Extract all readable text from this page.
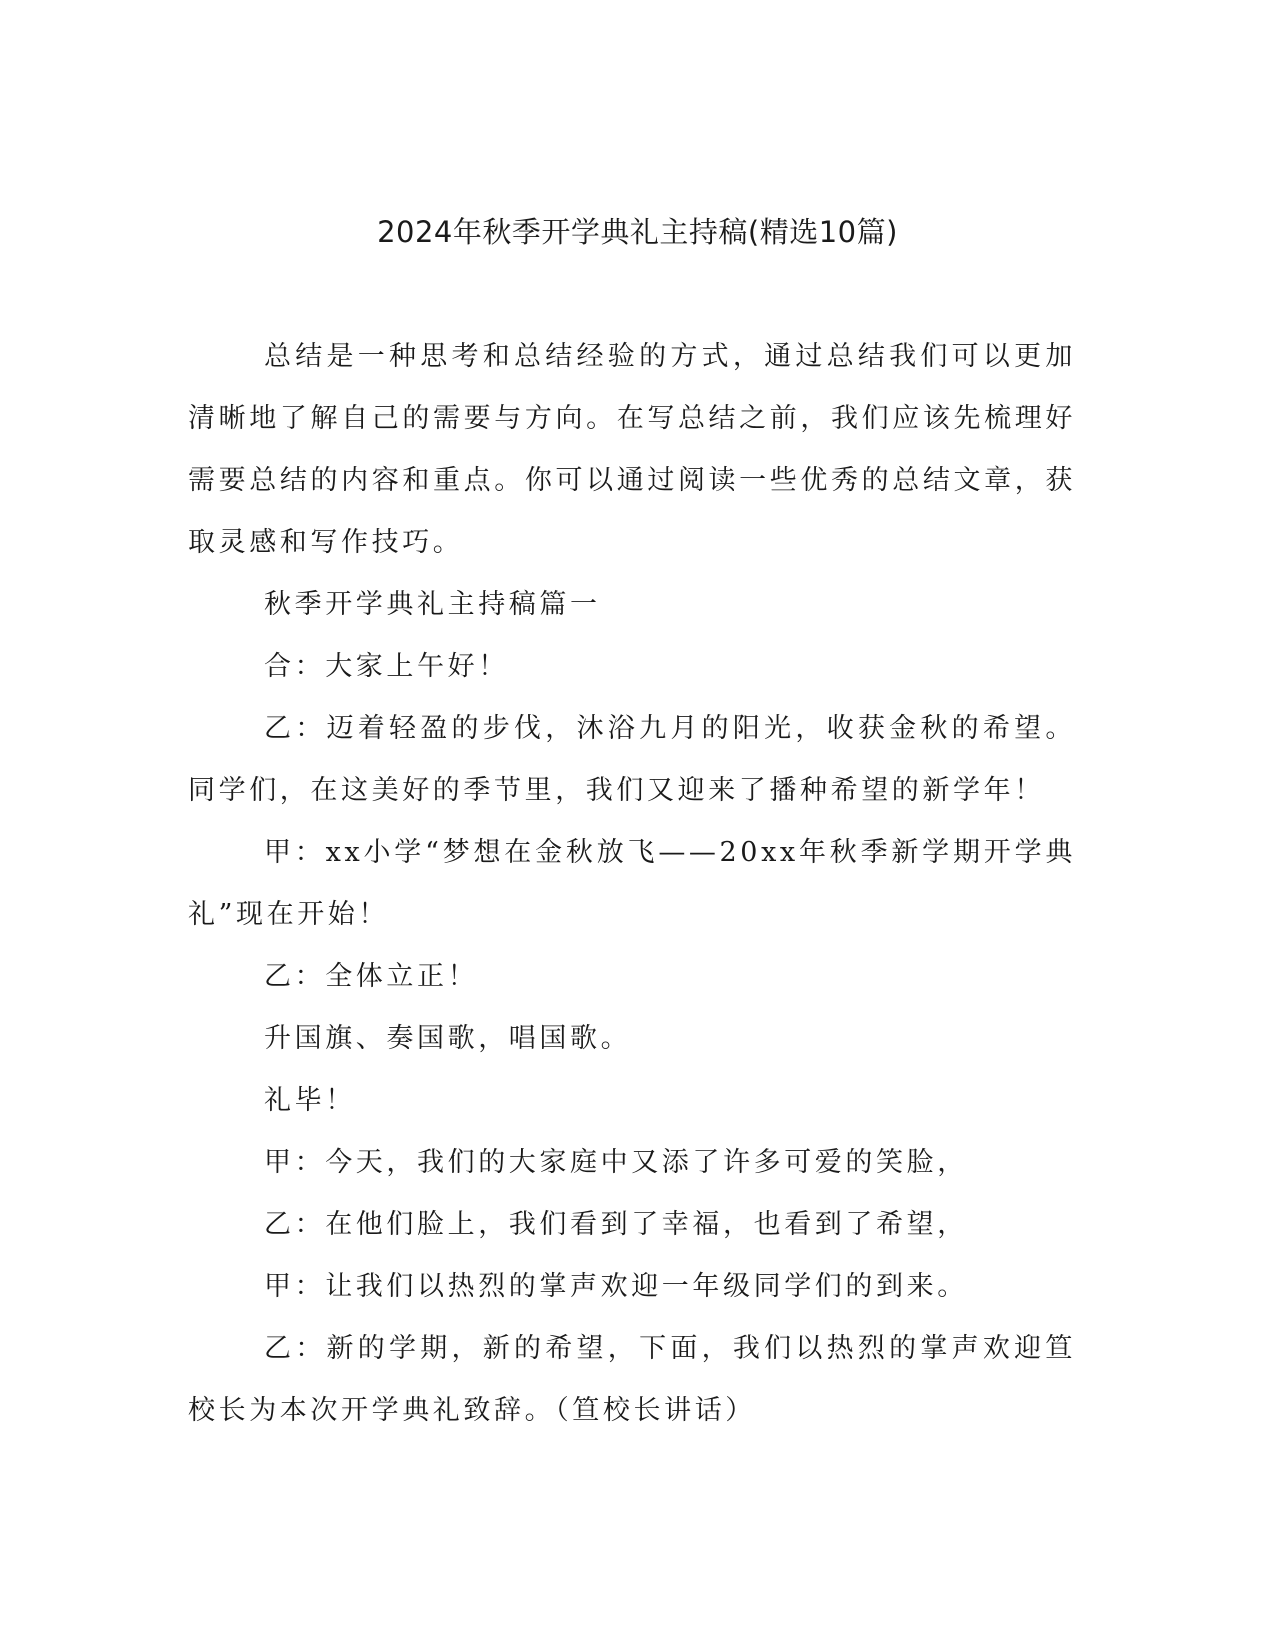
2024年秋季开学典礼主持稿(精选10篇)

总结是一种思考和总结经验的方式，通过总结我们可以更加清晰地了解自己的需要与方向。在写总结之前，我们应该先梳理好需要总结的内容和重点。你可以通过阅读一些优秀的总结文章，获取灵感和写作技巧。

秋季开学典礼主持稿篇一

合：大家上午好！

乙：迈着轻盈的步伐，沐浴九月的阳光，收获金秋的希望。同学们，在这美好的季节里，我们又迎来了播种希望的新学年！

甲：xx小学“梦想在金秋放飞——20xx年秋季新学期开学典礼”现在开始！

乙：全体立正！

升国旗、奏国歌，唱国歌。

礼毕！

甲：今天，我们的大家庭中又添了许多可爱的笑脸，

乙：在他们脸上，我们看到了幸福，也看到了希望，

甲：让我们以热烈的掌声欢迎一年级同学们的到来。

乙：新的学期，新的希望，下面，我们以热烈的掌声欢迎笪校长为本次开学典礼致辞。（笪校长讲话）
